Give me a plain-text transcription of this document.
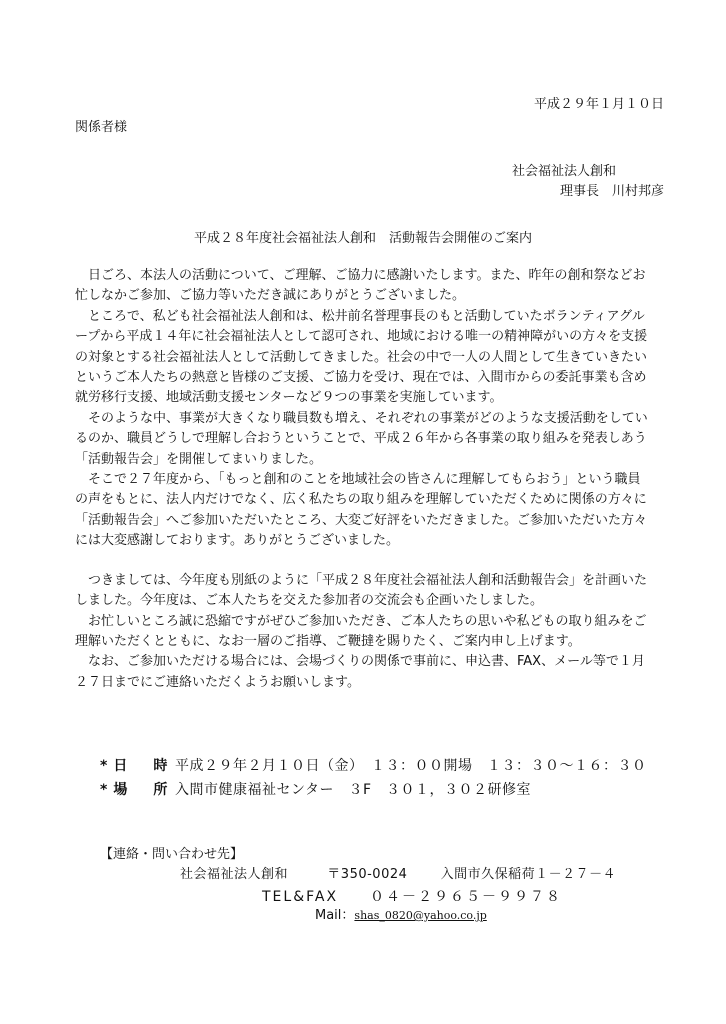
平成２９年１月１０日
関係者様
社会福祉法人創和
理事長　川村邦彦
平成２８年度社会福祉法人創和　活動報告会開催のご案内

　日ごろ、本法人の活動について、ご理解、ご協力に感謝いたします。また、昨年の創和祭などお
忙しなかご参加、ご協力等いただき誠にありがとうございました。

　ところで、私ども社会福祉法人創和は、松井前名誉理事長のもと活動していたボランティアグル
ープから平成１４年に社会福祉法人として認可され、地域における唯一の精神障がいの方々を支援
の対象とする社会福祉法人として活動してきました。社会の中で一人の人間として生きていきたい
というご本人たちの熱意と皆様のご支援、ご協力を受け、現在では、入間市からの委託事業も含め
就労移行支援、地域活動支援センターなど９つの事業を実施しています。

　そのような中、事業が大きくなり職員数も増え、それぞれの事業がどのような支援活動をしてい
るのか、職員どうしで理解し合おうということで、平成２６年から各事業の取り組みを発表しあう
「活動報告会」を開催してまいりました。

　そこで２７年度から、「もっと創和のことを地域社会の皆さんに理解してもらおう」という職員
の声をもとに、法人内だけでなく、広く私たちの取り組みを理解していただくために関係の方々に
「活動報告会」へご参加いただいたところ、大変ご好評をいただきました。ご参加いただいた方々
には大変感謝しております。ありがとうございました。

　つきましては、今年度も別紙のように「平成２８年度社会福祉法人創和活動報告会」を計画いた
しました。今年度は、ご本人たちを交えた参加者の交流会も企画いたしました。

　お忙しいところ誠に恐縮ですがぜひご参加いただき、ご本人たちの思いや私どもの取り組みをご
理解いただくとともに、なお一層のご指導、ご鞭撻を賜りたく、ご案内申し上げます。

　なお、ご参加いただける場合には、会場づくりの関係で事前に、申込書、FAX、メール等で１月
２７日までにご連絡いただくようお願いします。

*日　時 平成２９年２月１０日（金）　１３：００開場　１３：３０～１６：３０
*場　所 入間市健康福祉センター　３F　３０１，３０２研修室
【連絡・問い合わせ先】
社会福祉法人創和	〒350-0024	入間市久保稲荷１－２７－４
TEL&FAX　　０４－２９６５－９９７８
Mail：shas_0820@yahoo.co.jp
